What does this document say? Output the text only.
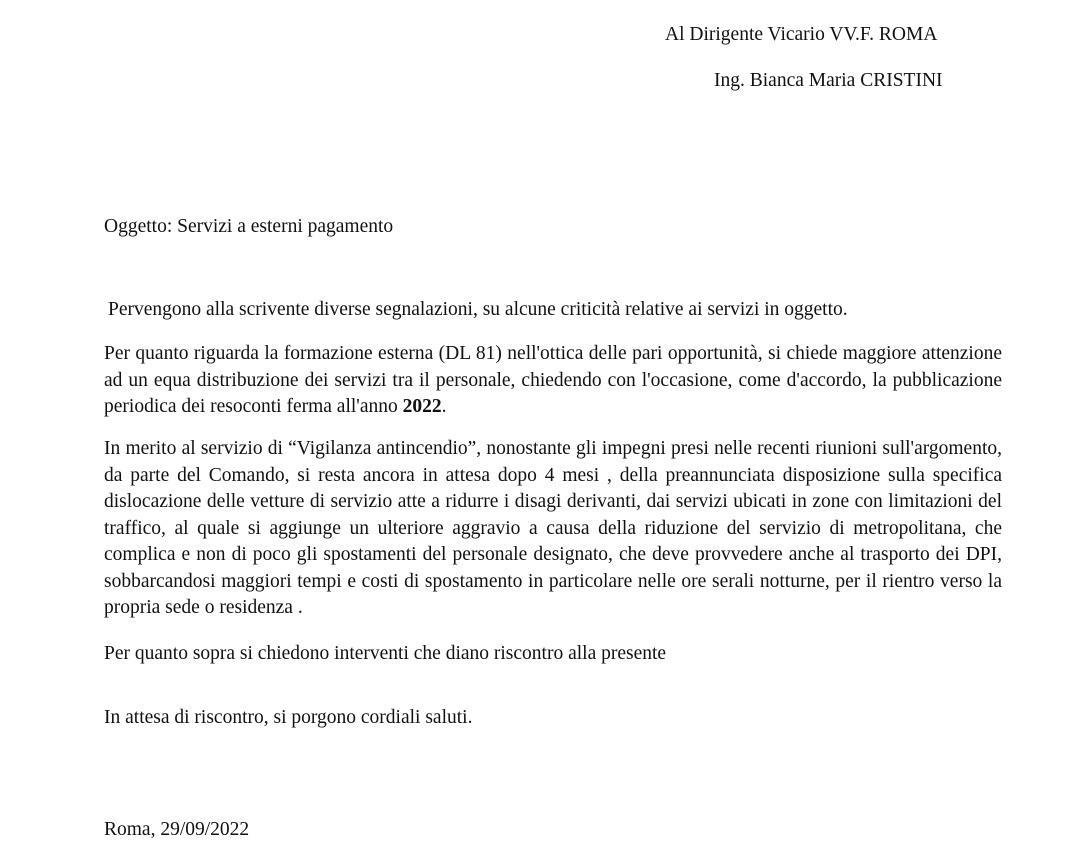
Al Dirigente Vicario VV.F. ROMA
Ing. Bianca Maria CRISTINI
Oggetto: Servizi a esterni pagamento
Pervengono alla scrivente diverse segnalazioni, su alcune criticità relative ai servizi in oggetto.

Per quanto riguarda la formazione esterna (DL 81) nell'ottica delle pari opportunità, si chiede maggiore attenzione ad un equa distribuzione dei servizi tra il personale, chiedendo con l'occasione, come d'accordo, la pubblicazione periodica dei resoconti ferma all'anno 2022.

In merito al servizio di “Vigilanza antincendio”, nonostante gli impegni presi nelle recenti riunioni sull'argomento, da parte del Comando, si resta ancora in attesa dopo 4 mesi , della preannunciata disposizione sulla specifica dislocazione delle vetture di servizio atte a ridurre i disagi derivanti, dai servizi ubicati in zone con limitazioni del traffico, al quale si aggiunge un ulteriore aggravio a causa della riduzione del servizio di metropolitana, che complica e non di poco gli spostamenti del personale designato, che deve provvedere anche al trasporto dei DPI, sobbarcandosi maggiori tempi e costi di spostamento in particolare nelle ore serali notturne, per il rientro verso la propria sede o residenza .

Per quanto sopra si chiedono interventi che diano riscontro alla presente
In attesa di riscontro, si porgono cordiali saluti.
Roma, 29/09/2022
